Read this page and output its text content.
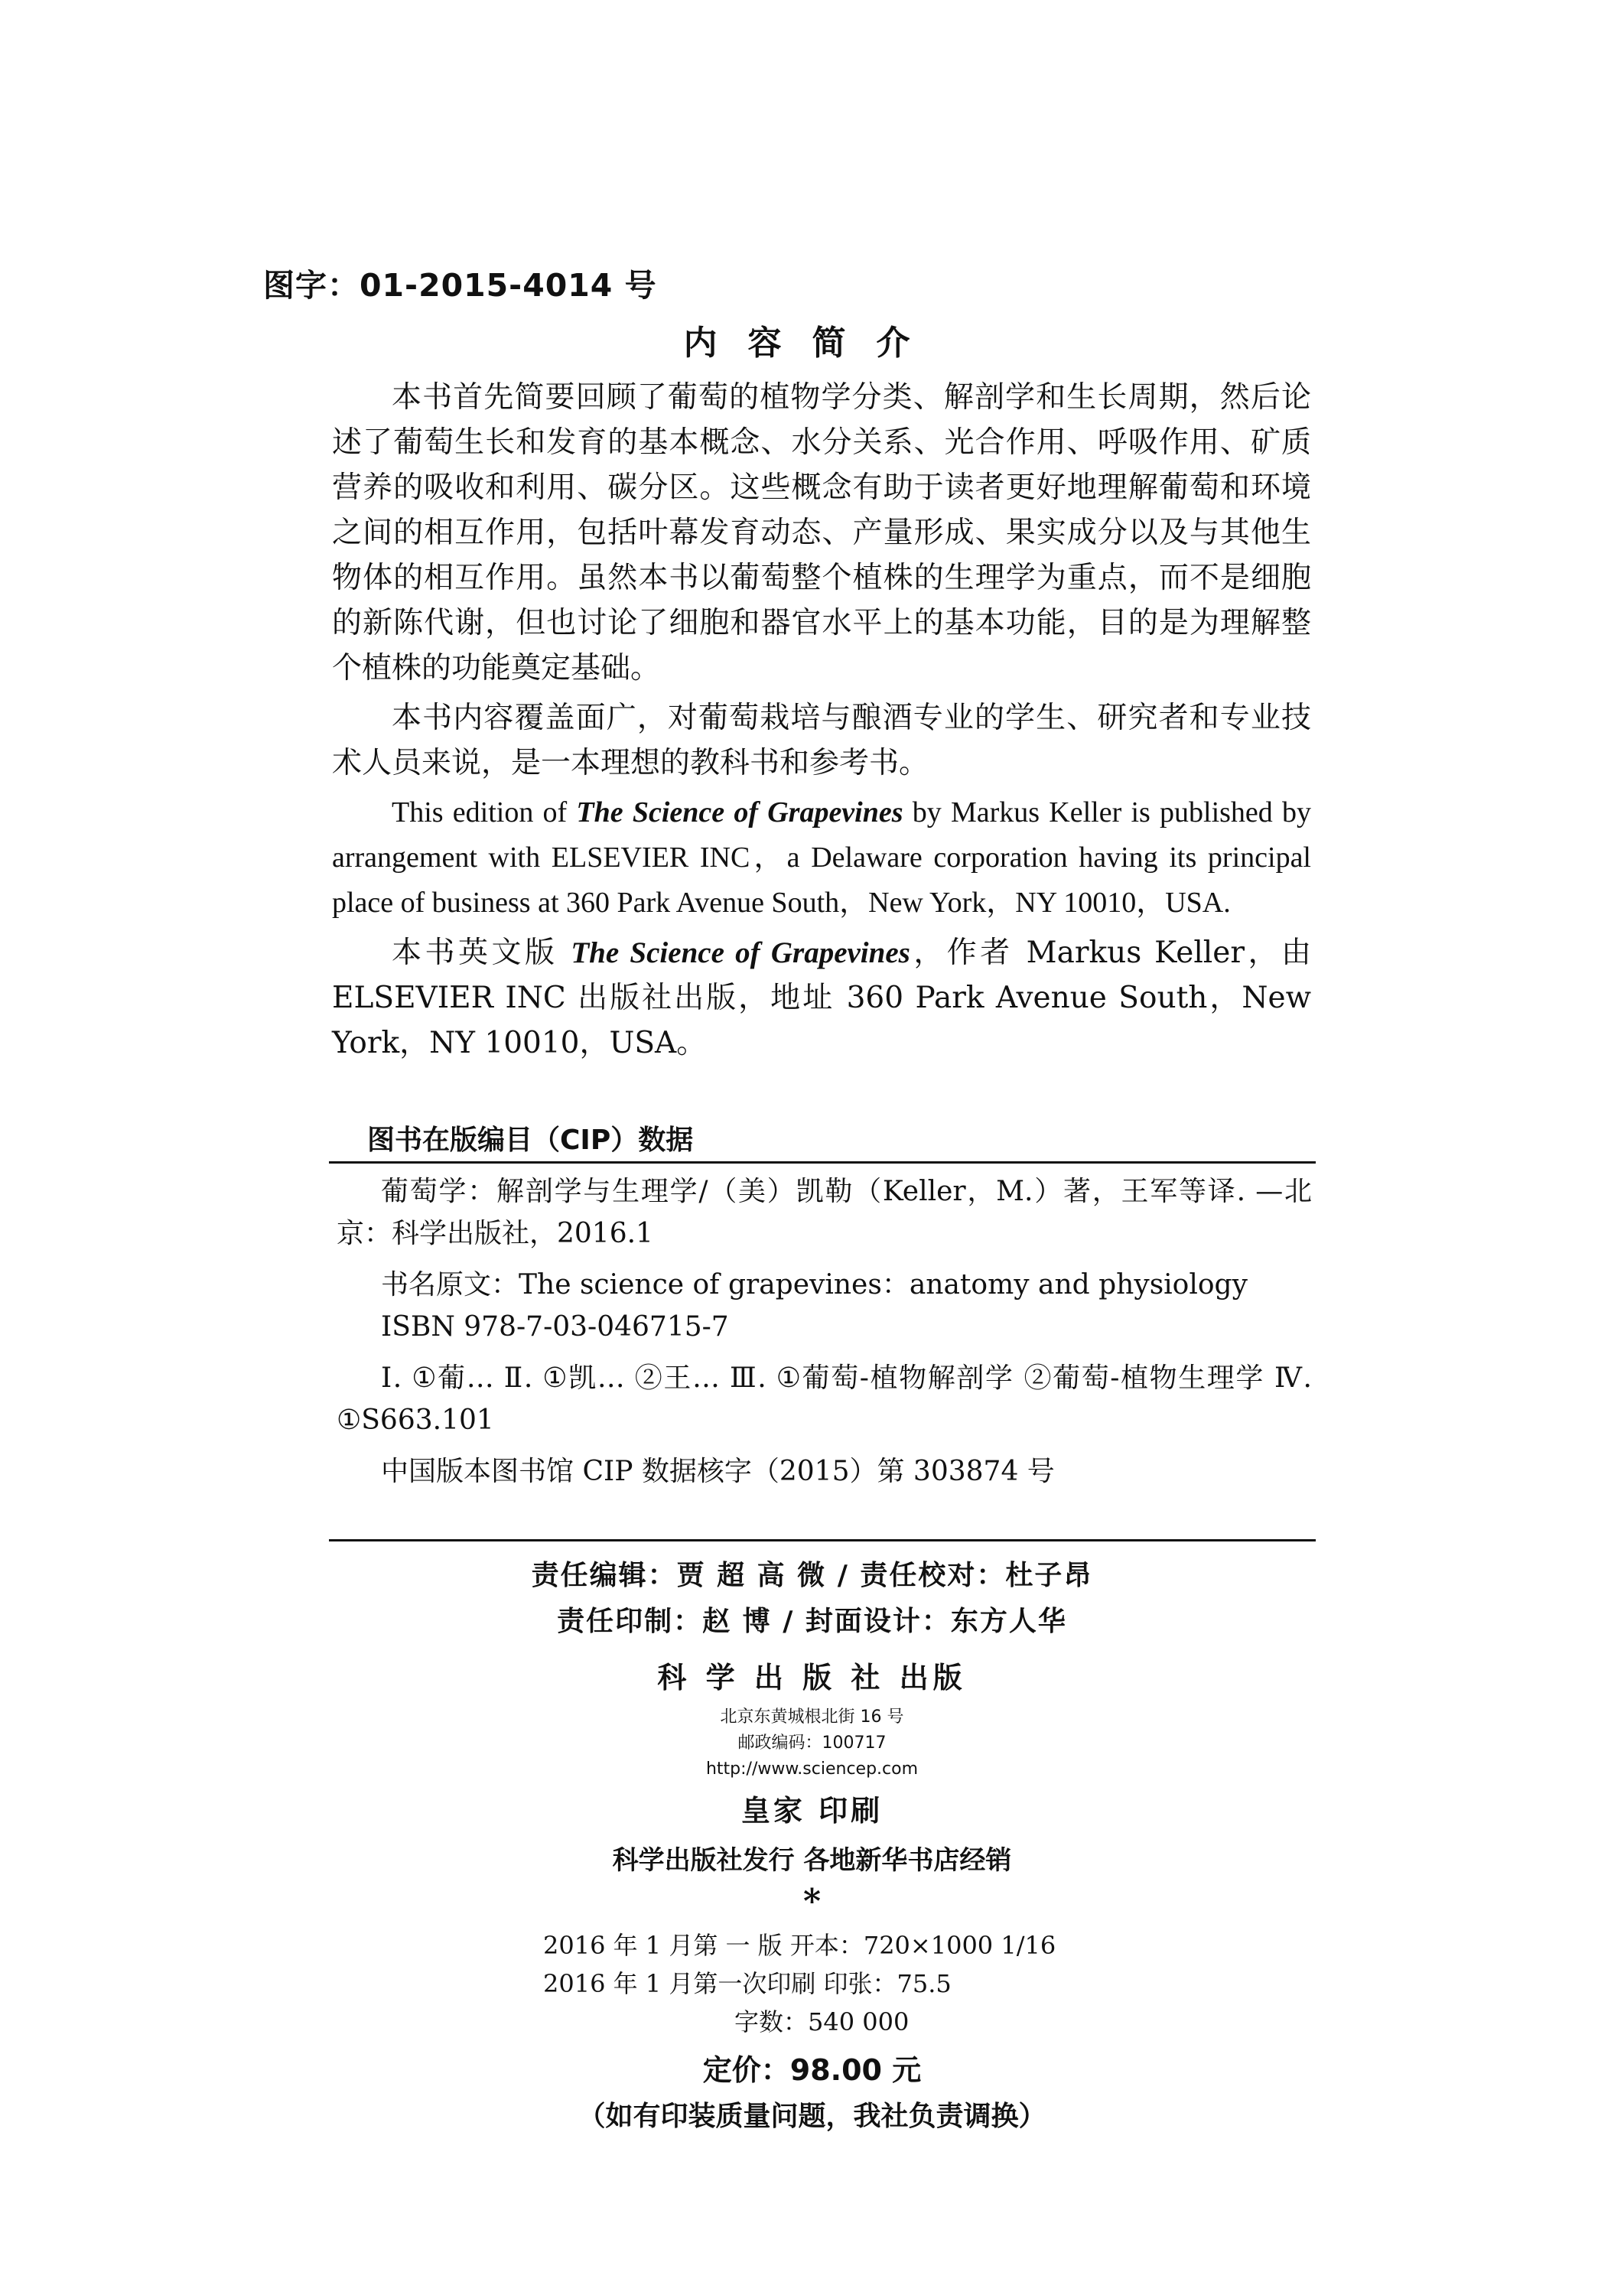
图字：01-2015-4014 号
内容简介

本书首先简要回顾了葡萄的植物学分类、解剖学和生长周期，然后论述了葡萄生长和发育的基本概念、水分关系、光合作用、呼吸作用、矿质营养的吸收和利用、碳分区。这些概念有助于读者更好地理解葡萄和环境之间的相互作用，包括叶幕发育动态、产量形成、果实成分以及与其他生物体的相互作用。虽然本书以葡萄整个植株的生理学为重点，而不是细胞的新陈代谢，但也讨论了细胞和器官水平上的基本功能，目的是为理解整个植株的功能奠定基础。

本书内容覆盖面广，对葡萄栽培与酿酒专业的学生、研究者和专业技术人员来说，是一本理想的教科书和参考书。

This edition of The Science of Grapevines by Markus Keller is published by arrangement with ELSEVIER INC，a Delaware corporation having its principal place of business at 360 Park Avenue South，New York，NY 10010，USA.

本书英文版 The Science of Grapevines，作者 Markus Keller，由 ELSEVIER INC 出版社出版，地址 360 Park Avenue South，New York，NY 10010，USA。

图书在版编目（CIP）数据

葡萄学：解剖学与生理学/（美）凯勒（Keller，M.）著，王军等译. —北京：科学出版社，2016.1

书名原文：The science of grapevines：anatomy and physiology

ISBN 978-7-03-046715-7

Ⅰ. ①葡… Ⅱ. ①凯… ②王… Ⅲ. ①葡萄-植物解剖学 ②葡萄-植物生理学 Ⅳ. ①S663.101

中国版本图书馆 CIP 数据核字（2015）第 303874 号

责任编辑：贾 超 高 微 / 责任校对：杜子昂
责任印制：赵 博 / 封面设计：东方人华
科 学 出 版 社 出版
北京东黄城根北街 16 号
邮政编码：100717
http://www.sciencep.com
皇家 印刷
科学出版社发行 各地新华书店经销
*
2016 年 1 月第 一 版 开本：720×1000 1/16
2016 年 1 月第一次印刷 印张：75.5
字数：540 000
定价：98.00 元
（如有印装质量问题，我社负责调换）
